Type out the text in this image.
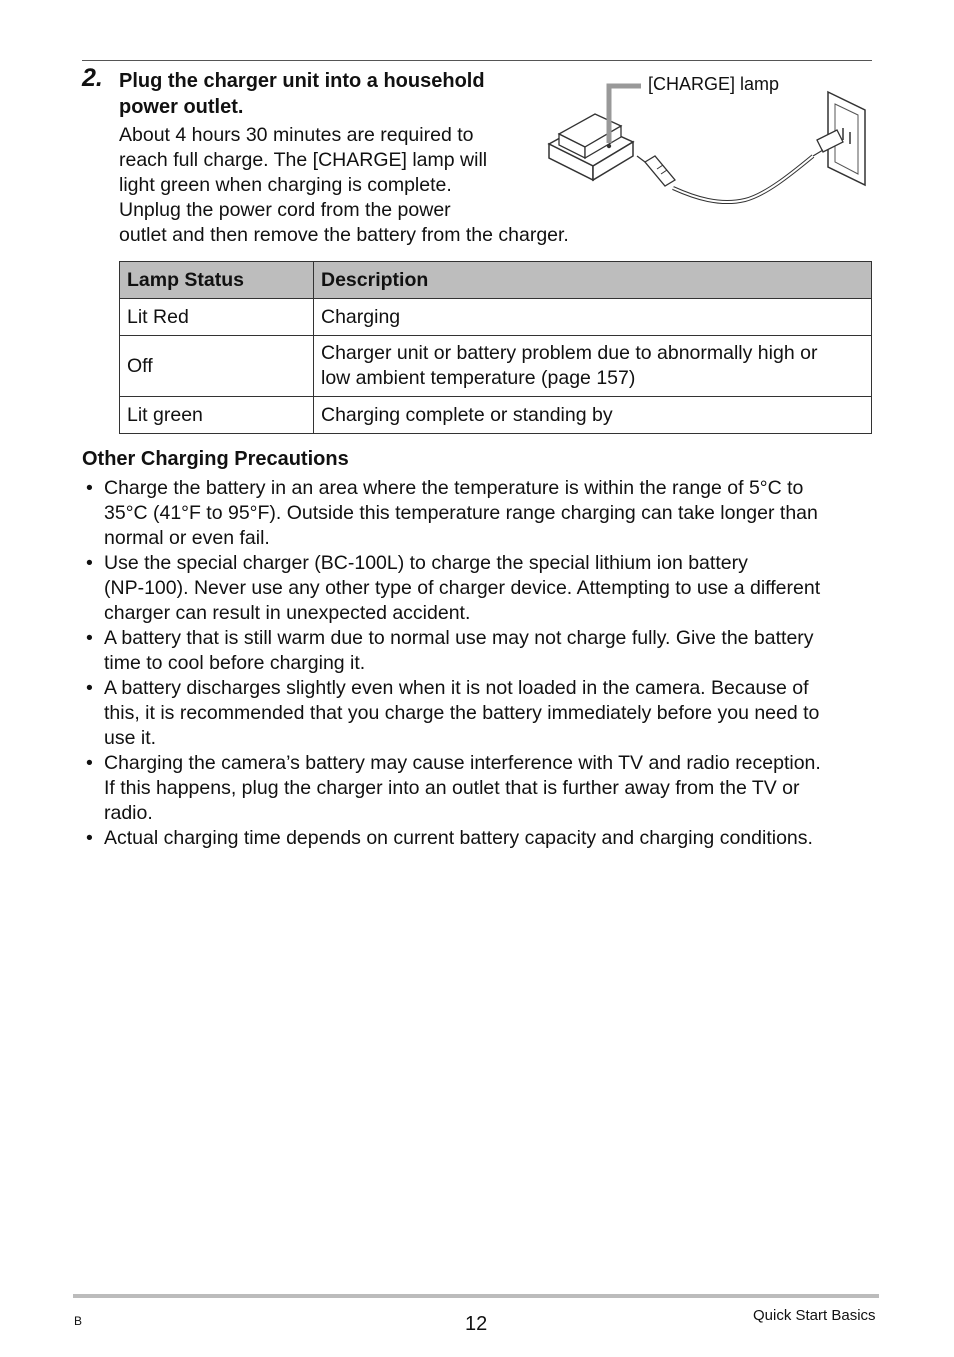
2. Plug the charger unit into a household
power outlet.
About 4 hours 30 minutes are required to
reach full charge. The [CHARGE] lamp will
light green when charging is complete.
Unplug the power cord from the power
outlet and then remove the battery from the charger.
[CHARGE] lamp
Lamp Status	Description
Lit Red	Charging

Off	Charger unit or battery problem due to abnormally high or
low ambient temperature (page 157)

Lit green	Charging complete or standing by
Other Charging Precautions
• Charge the battery in an area where the temperature is within the range of 5°C to
35°C (41°F to 95°F). Outside this temperature range charging can take longer than
normal or even fail.
• Use the special charger (BC-100L) to charge the special lithium ion battery
(NP-100). Never use any other type of charger device. Attempting to use a different
charger can result in unexpected accident.
• A battery that is still warm due to normal use may not charge fully. Give the battery
time to cool before charging it.
• A battery discharges slightly even when it is not loaded in the camera. Because of
this, it is recommended that you charge the battery immediately before you need to
use it.
• Charging the camera’s battery may cause interference with TV and radio reception.
If this happens, plug the charger into an outlet that is further away from the TV or
radio.
• Actual charging time depends on current battery capacity and charging conditions.
B	12	Quick Start Basics
